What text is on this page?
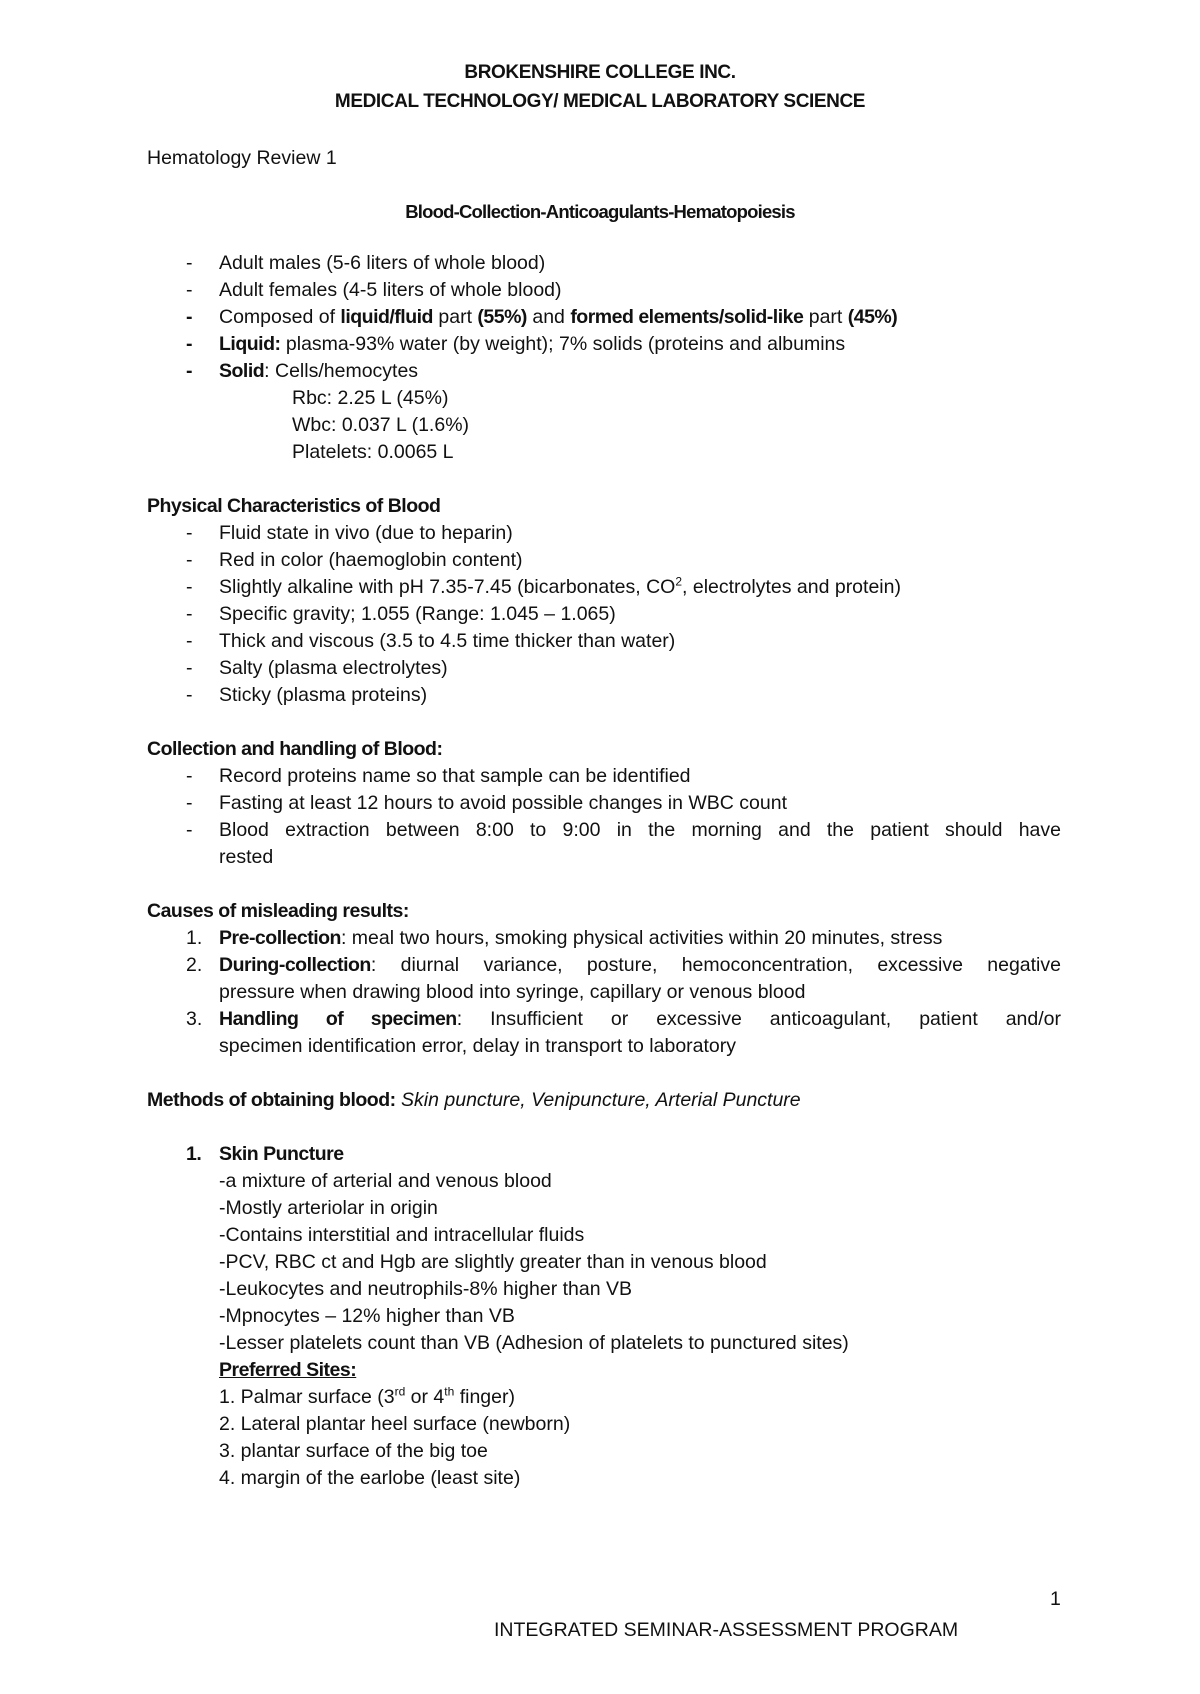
BROKENSHIRE COLLEGE INC.
MEDICAL TECHNOLOGY/ MEDICAL LABORATORY SCIENCE
Hematology Review 1
Blood-Collection-Anticoagulants-Hematopoiesis
-	Adult males (5-6 liters of whole blood)
-	Adult females (4-5 liters of whole blood)
-	Composed of liquid/fluid part (55%) and formed elements/solid-like part (45%)
-	Liquid: plasma-93% water (by weight); 7% solids (proteins and albumins
-	Solid: Cells/hemocytes
Rbc: 2.25 L (45%)
Wbc: 0.037 L (1.6%)
Platelets: 0.0065 L
Physical Characteristics of Blood
-	Fluid state in vivo (due to heparin)
-	Red in color (haemoglobin content)
-	Slightly alkaline with pH 7.35-7.45 (bicarbonates, $CO^2$, electrolytes and protein)
-	Specific gravity; 1.055 (Range: 1.045 – 1.065)
-	Thick and viscous (3.5 to 4.5 time thicker than water)
-	Salty (plasma electrolytes)
-	Sticky (plasma proteins)
Collection and handling of Blood:
-	Record proteins name so that sample can be identified
-	Fasting at least 12 hours to avoid possible changes in WBC count
-	Blood extraction between 8:00 to 9:00 in the morning and the patient should have
rested
Causes of misleading results:
1. Pre-collection: meal two hours, smoking physical activities within 20 minutes, stress
2. During-collection: diurnal variance, posture, hemoconcentration, excessive negative
pressure when drawing blood into syringe, capillary or venous blood
3. Handling of specimen: Insufficient or excessive anticoagulant, patient and/or
specimen identification error, delay in transport to laboratory
Methods of obtaining blood: Skin puncture, Venipuncture, Arterial Puncture
1. Skin Puncture
-a mixture of arterial and venous blood
-Mostly arteriolar in origin
-Contains interstitial and intracellular fluids
-PCV, RBC ct and Hgb are slightly greater than in venous blood
-Leukocytes and neutrophils-8% higher than VB
-Mpnocytes – 12% higher than VB
-Lesser platelets count than VB (Adhesion of platelets to punctured sites)
Preferred Sites:
1. Palmar surface (3rd or 4th finger)
2. Lateral plantar heel surface (newborn)
3. plantar surface of the big toe
4. margin of the earlobe (least site)
1
INTEGRATED SEMINAR-ASSESSMENT PROGRAM
